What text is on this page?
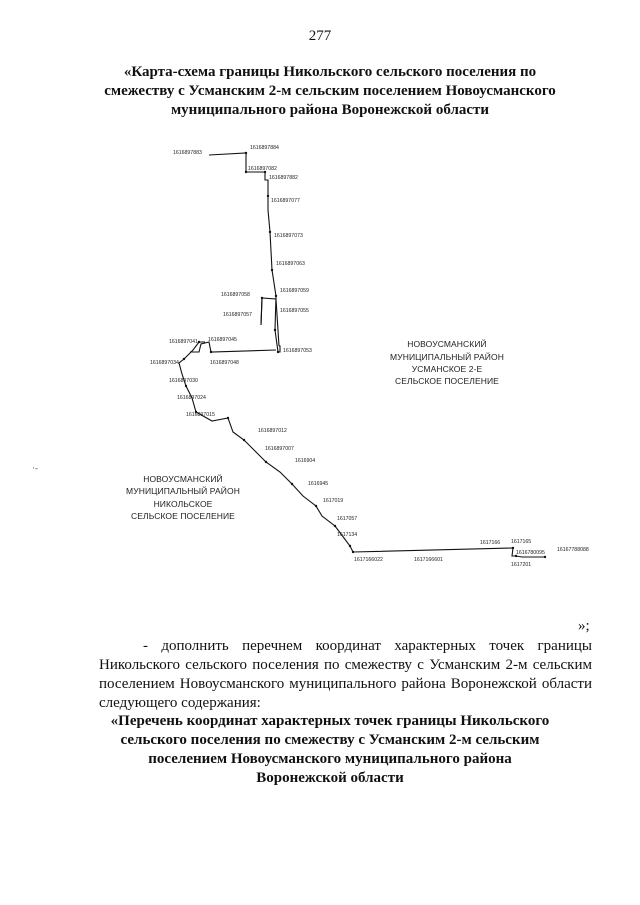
277
«Карта-схема границы Никольского сельского поселения по смежеству с Усманским 2-м сельским поселением Новоусманского муниципального района Воронежской области
1616897883
1616897884
1616897082
1616897882
1616897077
1616897073
1616897063
1616897058
1616897059
1616897057
1616897055
1616897041 1616897045
1616897048
1616897053
1616897034
1616897030
1616897024
1616897015
1616897012
1616897007
1616904
1616945
1617019
1617057
1617134
1617166022	1617166601
1617166 1617165
16167788088
1616780095
1617201
НОВОУСМАНСКИЙ
МУНИЦИПАЛЬНЫЙ РАЙОН
УСМАНСКОЕ 2-Е
СЕЛЬСКОЕ ПОСЕЛЕНИЕ
НОВОУСМАНСКИЙ
МУНИЦИПАЛЬНЫЙ РАЙОН
НИКОЛЬСКОЕ
СЕЛЬСКОЕ ПОСЕЛЕНИЕ
·-
»;
- дополнить перечнем координат характерных точек границы Никольского сельского поселения по смежеству с Усманским 2-м сельским поселением Новоусманского муниципального района Воронежской области следующего содержания:
«Перечень координат характерных точек границы Никольского сельского поселения по смежеству с Усманским 2-м сельским поселением Новоусманского муниципального района Воронежской области
